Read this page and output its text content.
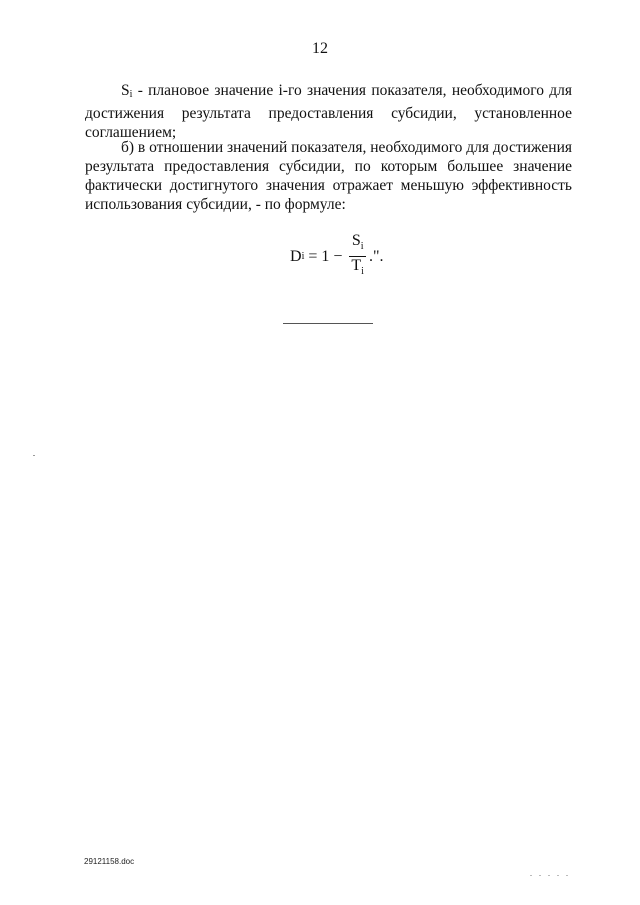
12

Si - плановое значение i-го значения показателя, необходимого для достижения результата предоставления субсидии, установленное соглашением;

б) в отношении значений показателя, необходимого для достижения результата предоставления субсидии, по которым большее значение фактически достигнутого значения отражает меньшую эффективность использования субсидии, - по формуле:

D $i = 1 - \frac{S_i}{T_i}$ .".
29121158.doc
